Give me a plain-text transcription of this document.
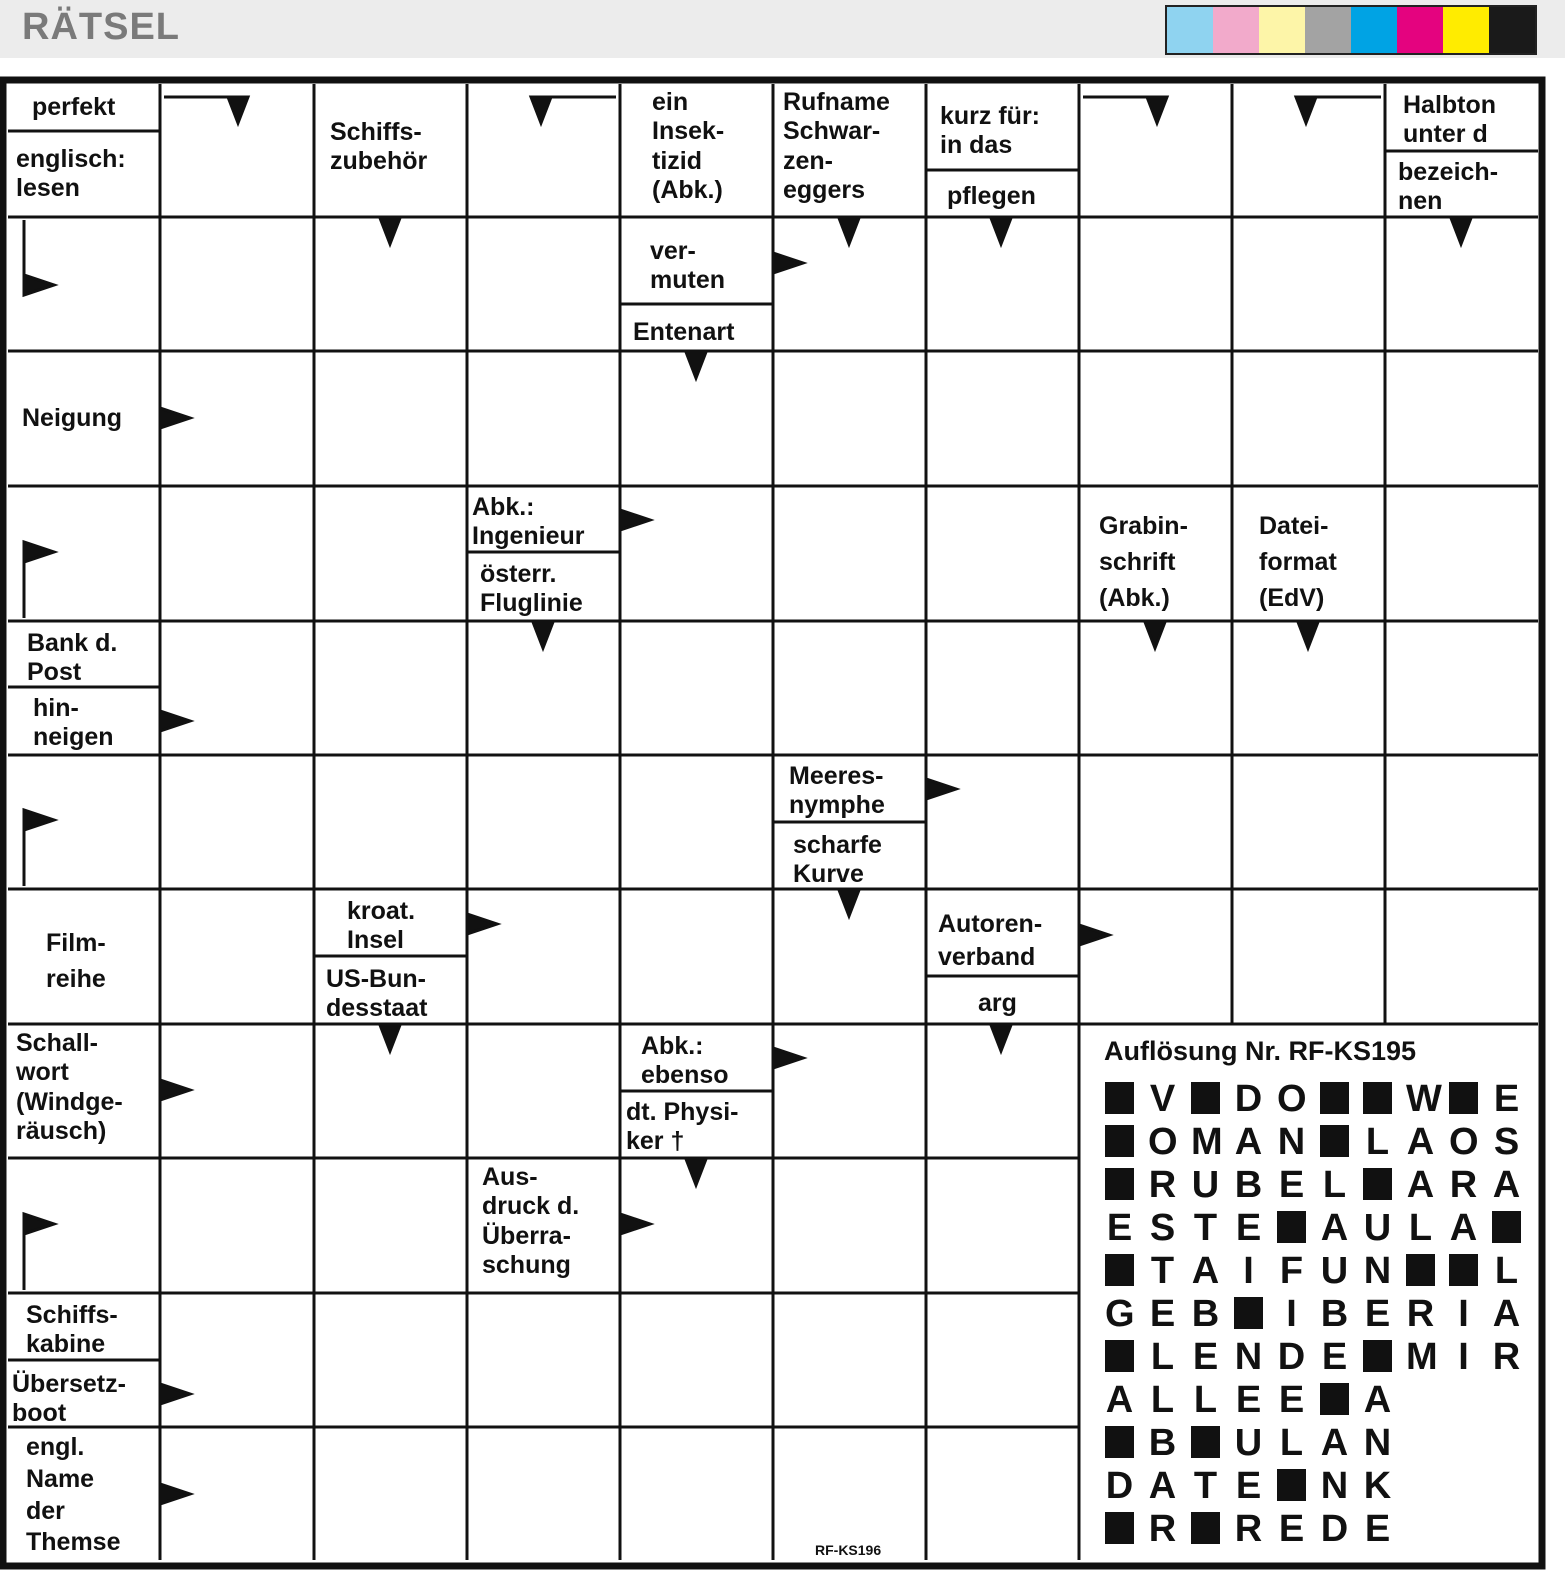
RÄTSEL
perfekt
englisch:
lesen
Schiffs-
zubehör
ein
Insek-
tizid
(Abk.)
Rufname
Schwar-
zen-
eggers
kurz für:
in das
pflegen
Halbton
unter d
bezeich-
nen
ver-
muten
Entenart
Neigung
Abk.:
Ingenieur
österr.
Fluglinie
Grabin-
schrift
(Abk.)
Datei-
format
(EdV)
Bank d.
Post
hin-
neigen
Meeres-
nymphe
scharfe
Kurve
Film-
reihe
kroat.
Insel
US-Bun-
desstaat
Autoren-
verband
arg
Schall-
wort
(Windge-
räusch)
Abk.:
ebenso
dt. Physi-
ker †
Aus-
druck d.
Überra-
schung
Schiffs-
kabine
Übersetz-
boot
engl.
Name
der
Themse
Auflösung Nr. RF-KS195
V D O	W E
O M A N L A O S
R U B E L A R A
E S T E A U L A
T A I F U N	L
G E B I B E R I A
L E N D E M I R
A L L E E A
B U L A N
D A T E N K
R R E D E
RF-KS196
